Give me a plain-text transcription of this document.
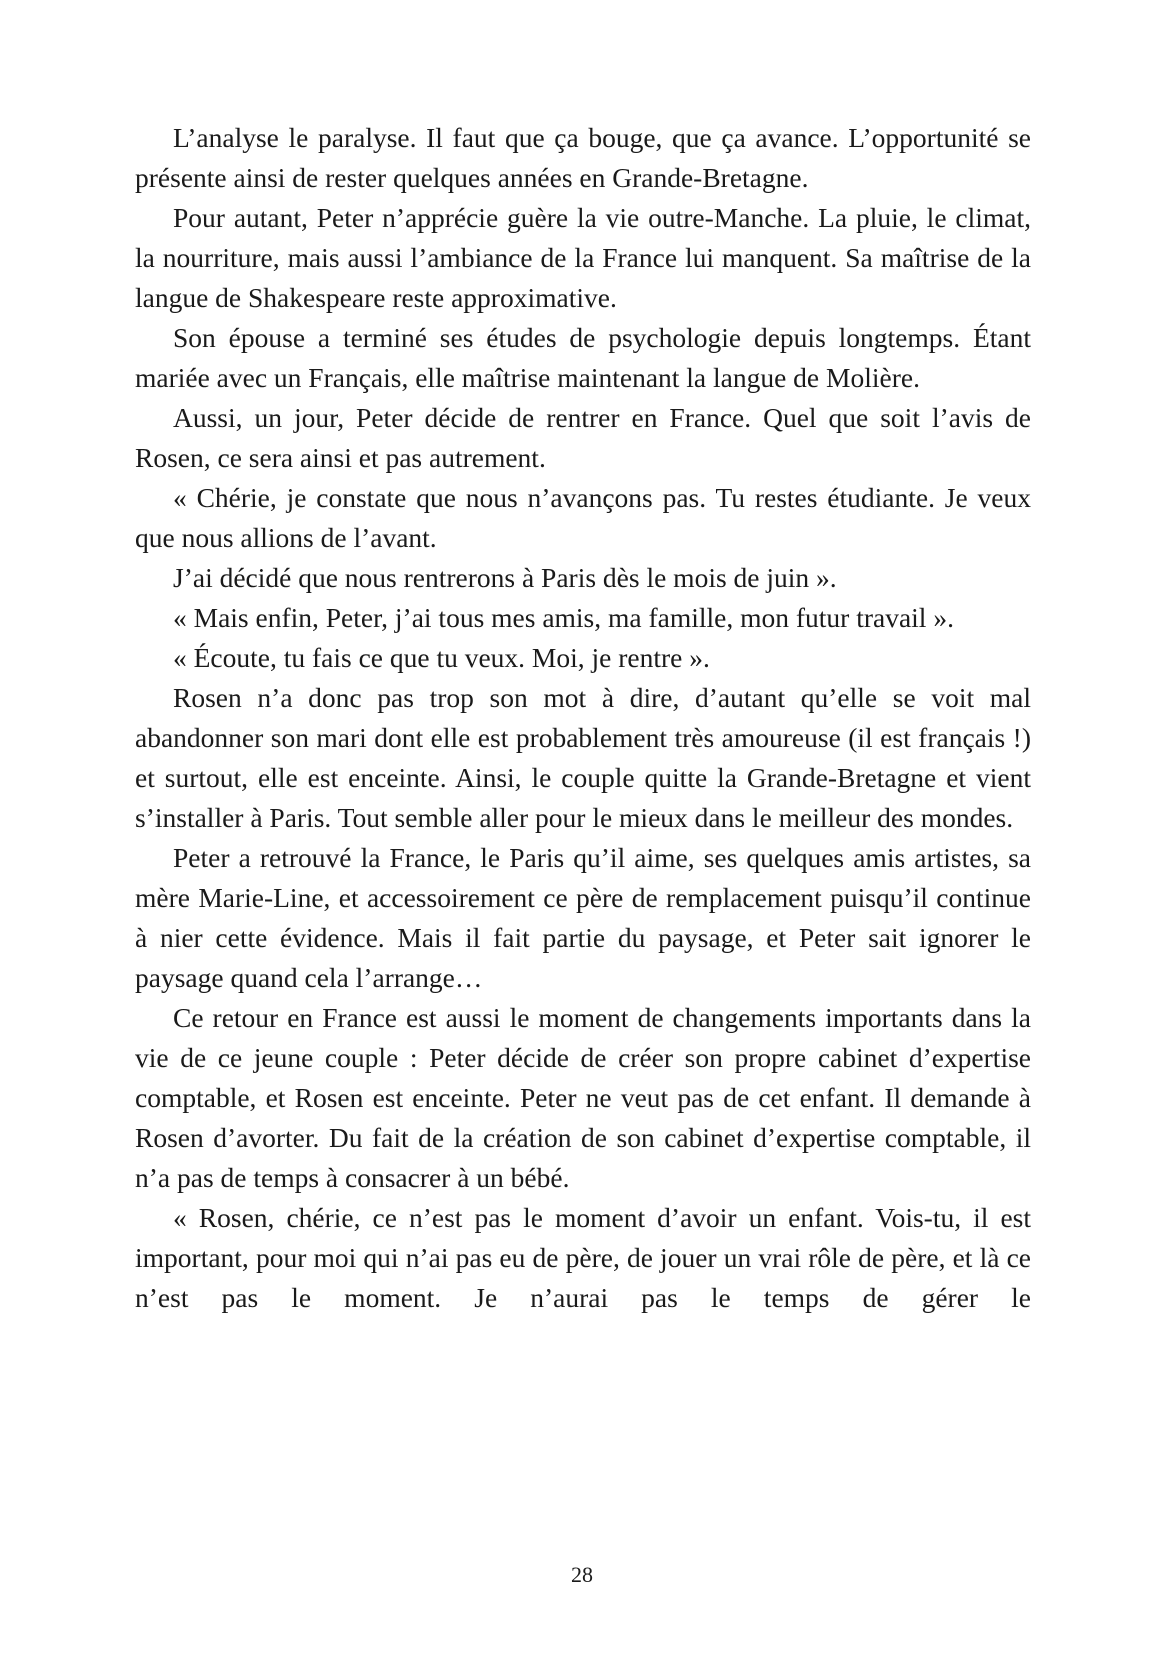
L’analyse le paralyse. Il faut que ça bouge, que ça avance. L’opportunité se présente ainsi de rester quelques années en Grande-Bretagne.

Pour autant, Peter n’apprécie guère la vie outre-Manche. La pluie, le climat, la nourriture, mais aussi l’ambiance de la France lui manquent. Sa maîtrise de la langue de Shakespeare reste approximative.

Son épouse a terminé ses études de psychologie depuis longtemps. Étant mariée avec un Français, elle maîtrise maintenant la langue de Molière.

Aussi, un jour, Peter décide de rentrer en France. Quel que soit l’avis de Rosen, ce sera ainsi et pas autrement.

« Chérie, je constate que nous n’avançons pas. Tu restes étudiante. Je veux que nous allions de l’avant.

J’ai décidé que nous rentrerons à Paris dès le mois de juin ».

« Mais enfin, Peter, j’ai tous mes amis, ma famille, mon futur travail ».

« Écoute, tu fais ce que tu veux. Moi, je rentre ».

Rosen n’a donc pas trop son mot à dire, d’autant qu’elle se voit mal abandonner son mari dont elle est probablement très amoureuse (il est français !) et surtout, elle est enceinte. Ainsi, le couple quitte la Grande-Bretagne et vient s’installer à Paris. Tout semble aller pour le mieux dans le meilleur des mondes.

Peter a retrouvé la France, le Paris qu’il aime, ses quelques amis artistes, sa mère Marie-Line, et accessoirement ce père de remplacement puisqu’il continue à nier cette évidence. Mais il fait partie du paysage, et Peter sait ignorer le paysage quand cela l’arrange…

Ce retour en France est aussi le moment de changements importants dans la vie de ce jeune couple : Peter décide de créer son propre cabinet d’expertise comptable, et Rosen est enceinte. Peter ne veut pas de cet enfant. Il demande à Rosen d’avorter. Du fait de la création de son cabinet d’expertise comptable, il n’a pas de temps à consacrer à un bébé.

« Rosen, chérie, ce n’est pas le moment d’avoir un enfant. Vois-tu, il est important, pour moi qui n’ai pas eu de père, de jouer un vrai rôle de père, et là ce n’est pas le moment. Je n’aurai pas le temps de gérer le

28
